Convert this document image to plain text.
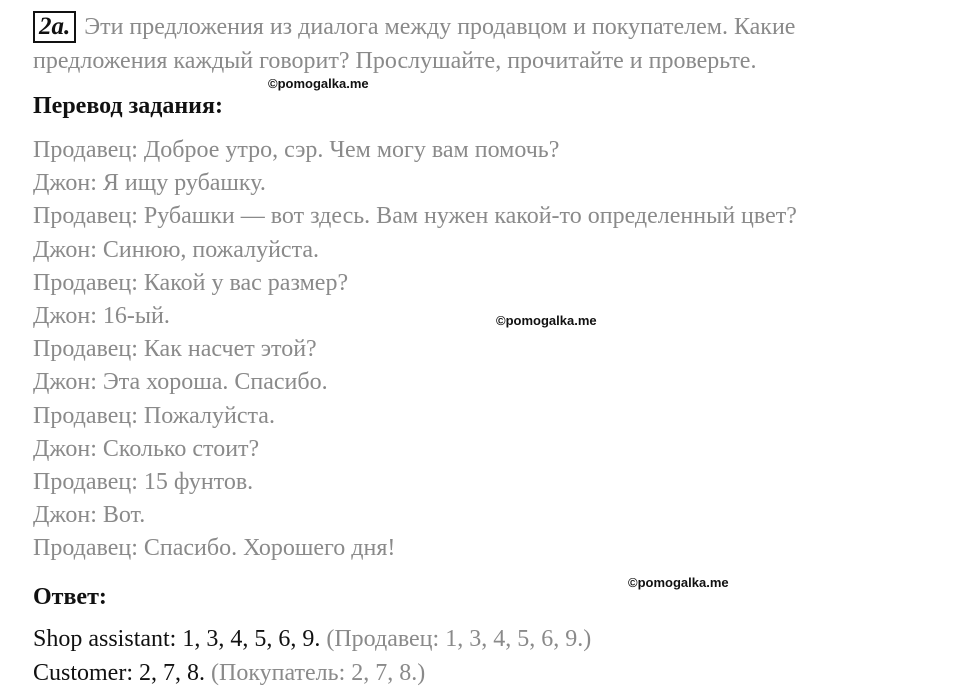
2a. Эти предложения из диалога между продавцом и покупателем. Какие предложения каждый говорит? Прослушайте, прочитайте и проверьте.
©pomogalka.me
Перевод задания:
Продавец: Доброе утро, сэр. Чем могу вам помочь?
Джон: Я ищу рубашку.
Продавец: Рубашки — вот здесь. Вам нужен какой-то определенный цвет?
Джон: Синюю, пожалуйста.
Продавец: Какой у вас размер?
Джон: 16-ый.
Продавец: Как насчет этой?
Джон: Эта хороша. Спасибо.
Продавец: Пожалуйста.
Джон: Сколько стоит?
Продавец: 15 фунтов.
Джон: Вот.
Продавец: Спасибо. Хорошего дня!
©pomogalka.me
©pomogalka.me
Ответ:
Shop assistant: 1, 3, 4, 5, 6, 9. (Продавец: 1, 3, 4, 5, 6, 9.)
Customer: 2, 7, 8. (Покупатель: 2, 7, 8.)
